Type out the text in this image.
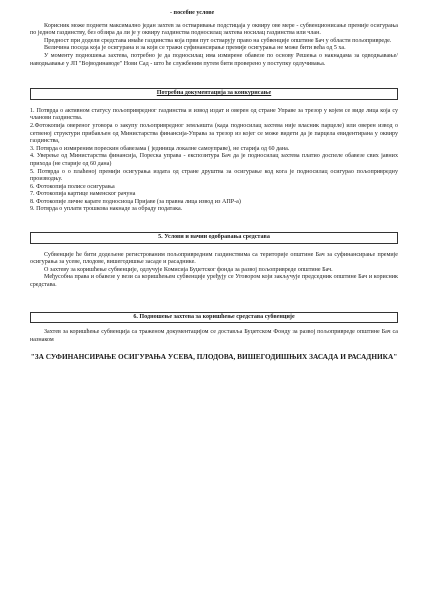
- посебне услове

Корисник може поднети максимално један захтев за остваривање подстицаја у оквиру ове мере - субвенционисање премије осигурања по једном газдинству, без обзира да ли је у оквиру газдинства подносилац захтева носилац газдинства или члан.

Предност при додели средстава имаће газдинства која први пут остварују право на субвенције општине Бач у области пољопривреде.

Величина поседа која је осигурана и за који се тражи суфинансирање премије осигурања не може бити већа од 5 ха.

У моменту подношења захтева, потребно је да подносилац има измирене обавезе по основу Решења о накнадама за одводњавање/наводњавање у ЈП "Војводинаводе" Нови Сад - што ће службеним путем бити проверено у поступку одлучивања.

Потребна документација за конкурисање

1. Потврда о активном статусу пољопривредног газдинства и извод издат и оверен од стране Управе за трезор у којем се виде лица која су чланови газдинства.

2.Фотокопија овереног уговора о закупу пољопривредног земљишта (када подносилац захтева није власник парцеле) или оверен извод о сетвеној структури прибављен од Министарства финансија-Управа за трезор из којег се може видети да је парцела евидентирана у оквиру газдинства,

3. Потврда о измиреним порескин обавезама ( јединица локалне самоуправе), не старија од 60 дана.

4. Уверење од Министарства финансија, Пореска управа - експозитура Бач да је подносилац захтева платио доспеле обавезе свих јавних прихода (не старије од 60 дана)

5. Потврда о о плаћеној премији осигурања издата од стране друштва за осигурање код кога је подносилац осигурао пољопривредну производњу.

6. Фотокопија полисе осигурања

7. Фотокопија картице наменског рачуна

8. Фотокопије личне карате подносиоца Пријаве (за правна лица извод из АПР-а)

9. Потврда о уплати трошкова накнаде за обраду података.

5. Услови и начин одобравања средстава

Субвенције ће бити додељене регистрованим пољопривредним газдинствима са територије општине Бач за суфинансирање премије осигурања за усеве, плодове, вишегодишње засаде и расаднике.

О захтеву за коришћење субвенције, одлучује Комисија Буџетског фонда за развој пољопривреде општине Бач.

Међусобна права и обавезе у вези са коришћењем субвенције уређују се Уговором који закључује председник општине Бач и корисник средстава.

6. Подношење захтева за коришћење средстава субвенције

Захтев за коришћење субвенција са траженом документацијом се доставља Буџетском Фонду за развој пољопривреде општине Бач са назнаком

"ЗА СУФИНАНСИРАЊЕ ОСИГУРАЊА УСЕВА, ПЛОДОВА, ВИШЕГОДИШЊИХ ЗАСАДА И РАСАДНИКА"
